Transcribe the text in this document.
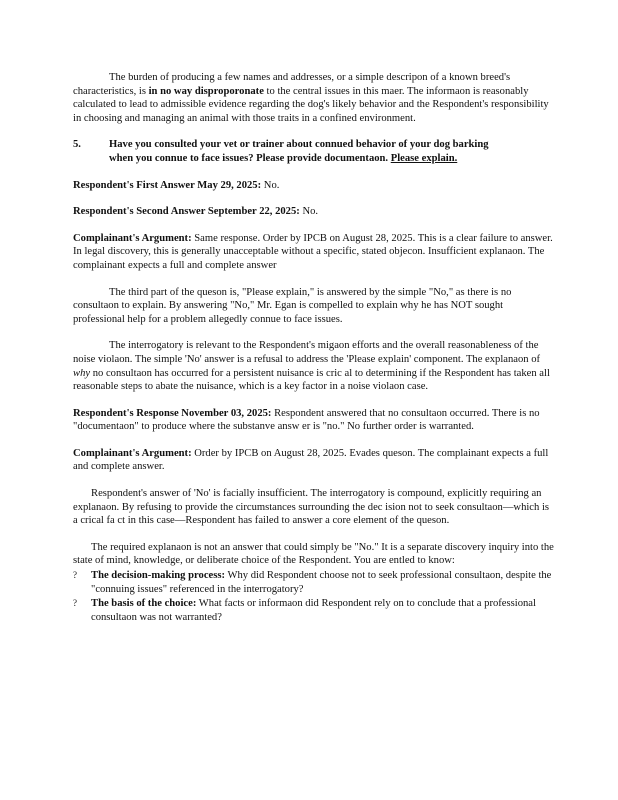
The burden of producing a few names and addresses, or a simple descripon of a known breed's characteristics, is in no way disproporonate to the central issues in this maer. The informaon is reasonably calculated to lead to admissible evidence regarding the dog's likely behavior and the Respondent's responsibility in choosing and managing an animal with those traits in a confined environment.

5.	Have you consulted your vet or trainer about connued behavior of your dog barking

when you connue to face issues? Please provide documentaon. Please explain.

Respondent's First Answer May 29, 2025: No.

Respondent's Second Answer September 22, 2025: No.

Complainant's Argument: Same response. Order by IPCB on August 28, 2025. This is a clear failure to answer. In legal discovery, this is generally unacceptable without a specific, stated objecon. Insufficient explanaon. The complainant expects a full and complete answer

The third part of the queson is, "Please explain," is answered by the simple "No," as there is no consultaon to explain. By answering "No," Mr. Egan is compelled to explain why he has NOT sought professional help for a problem allegedly connue to face issues.

The interrogatory is relevant to the Respondent's migaon efforts and the overall reasonableness of the noise violaon. The simple 'No' answer is a refusal to address the 'Please explain' component. The explanaon of why no consultaon has occurred for a persistent nuisance is cric al to determining if the Respondent has taken all reasonable steps to abate the nuisance, which is a key factor in a noise violaon case.

Respondent's Response November 03, 2025: Respondent answered that no consultaon occurred. There is no "documentaon" to produce where the substanve answ er is "no." No further order is warranted.

Complainant's Argument: Order by IPCB on August 28, 2025. Evades queson. The complainant expects a full and complete answer.

Respondent's answer of 'No' is facially insufficient. The interrogatory is compound, explicitly requiring an explanaon. By refusing to provide the circumstances surrounding the dec ision not to seek consultaon—which is a crical fa ct in this case—Respondent has failed to answer a core element of the queson.

The required explanaon is not an answer that could simply be "No." It is a separate discovery inquiry into the state of mind, knowledge, or deliberate choice of the Respondent. You are entled to know:

? The decision-making process: Why did Respondent choose not to seek professional consultaon, despite the "connuing issues" referenced in the interrogatory?
? The basis of the choice: What facts or informaon did Respondent rely on to conclude that a professional consultaon was not warranted?
